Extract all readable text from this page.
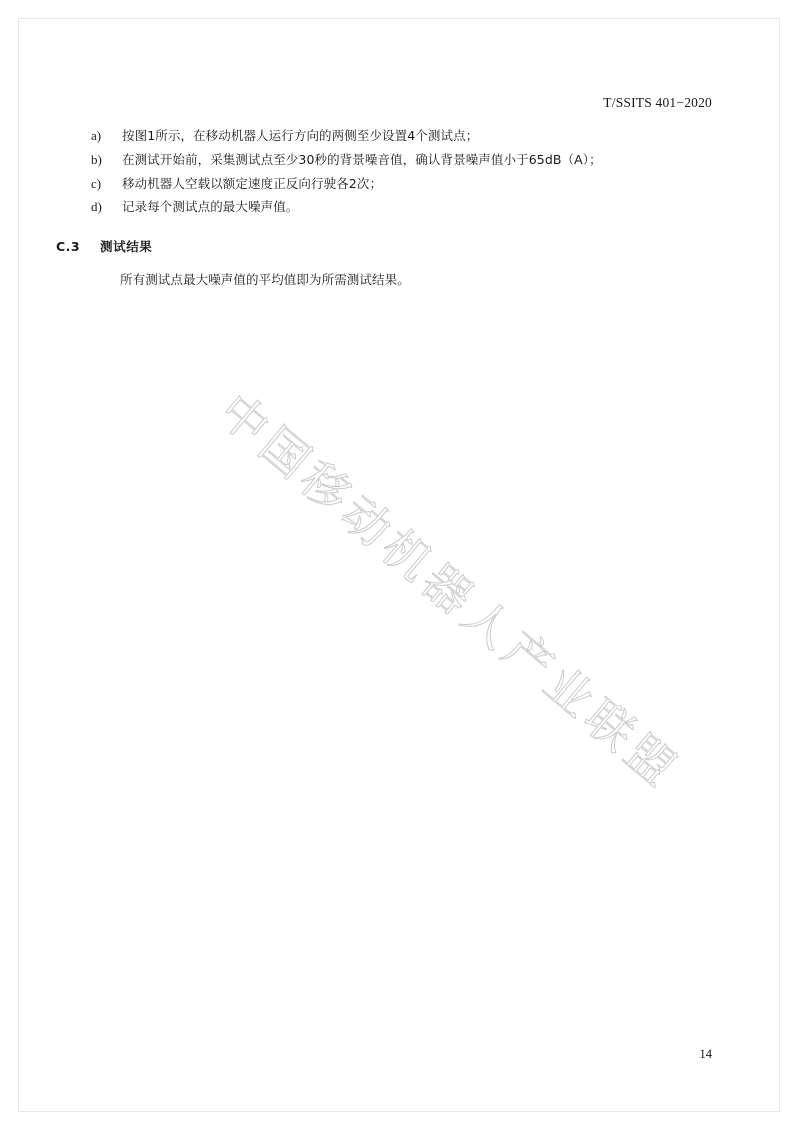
T/SSITS 401−2020
a)	按图1所示，在移动机器人运行方向的两侧至少设置4个测试点；
b)	在测试开始前，采集测试点至少30秒的背景噪音值，确认背景噪声值小于65dB（A）；
c)	移动机器人空载以额定速度正反向行驶各2次；
d)	记录每个测试点的最大噪声值。
C.3	测试结果
所有测试点最大噪声值的平均值即为所需测试结果。
中国移动机器人产业联盟
14
